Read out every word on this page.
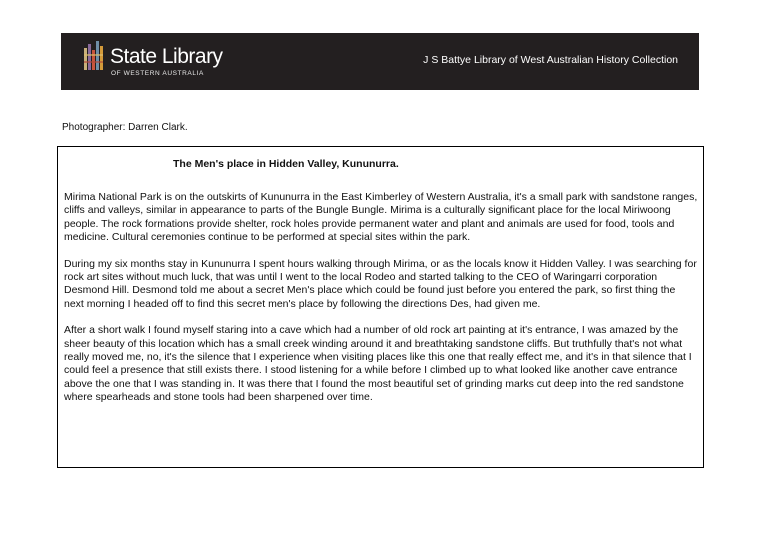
State Library
OF WESTERN AUSTRALIA
J S Battye Library of West Australian History Collection
Photographer: Darren Clark.
The Men's place in Hidden Valley, Kununurra.

Mirima National Park is on the outskirts of Kununurra in the East Kimberley of Western Australia, it's a small park with sandstone ranges, cliffs and valleys, similar in appearance to parts of the Bungle Bungle. Mirima is a culturally significant place for the local Miriwoong people. The rock formations provide shelter, rock holes provide permanent water and plant and animals are used for food, tools and medicine. Cultural ceremonies continue to be performed at special sites within the park.

During my six months stay in Kununurra I spent hours walking through Mirima, or as the locals know it Hidden Valley. I was searching for rock art sites without much luck, that was until I went to the local Rodeo and started talking to the CEO of Waringarri corporation Desmond Hill. Desmond told me about a secret Men's place which could be found just before you entered the park, so first thing the next morning I headed off to find this secret men's place by following the directions Des, had given me.

After a short walk I found myself staring into a cave which had a number of old rock art painting at it's entrance, I was amazed by the sheer beauty of this location which has a small creek winding around it and breathtaking sandstone cliffs. But truthfully that's not what really moved me, no, it's the silence that I experience when visiting places like this one that really effect me, and it's in that silence that I could feel a presence that still exists there. I stood listening for a while before I climbed up to what looked like another cave entrance above the one that I was standing in. It was there that I found the most beautiful set of grinding marks cut deep into the red sandstone where spearheads and stone tools had been sharpened over time.
